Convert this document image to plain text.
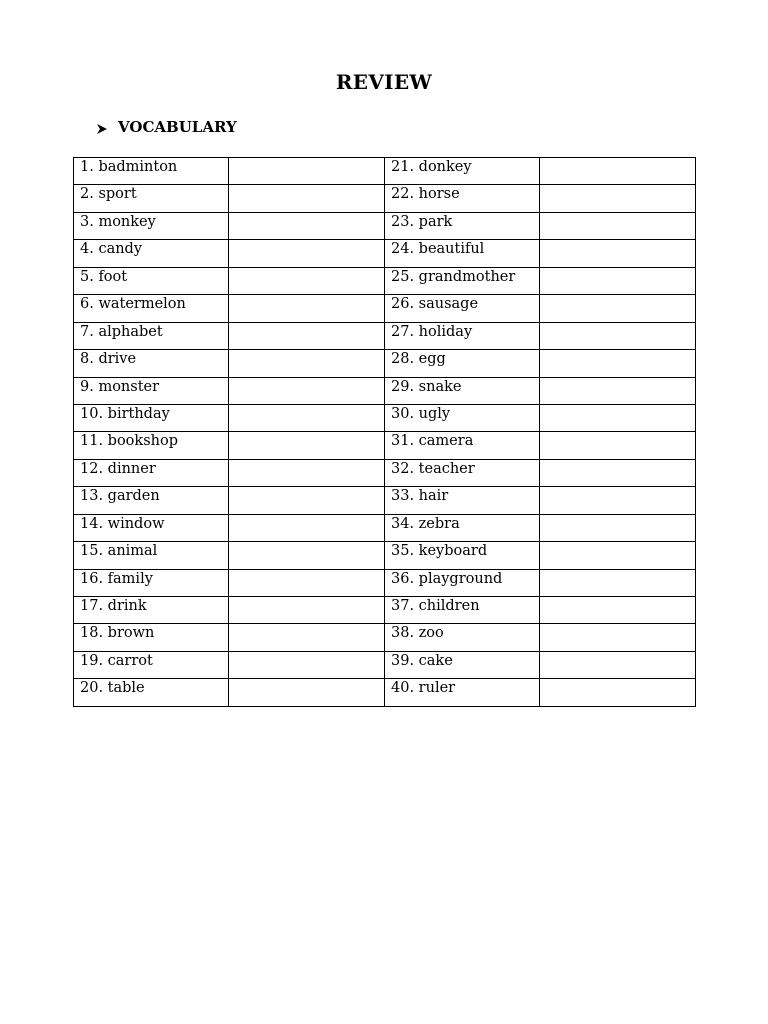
REVIEW
VOCABULARY
1. badminton		21. donkey	
2. sport		22. horse	
3. monkey		23. park	
4. candy		24. beautiful	
5. foot		25. grandmother	
6. watermelon		26. sausage	
7. alphabet		27. holiday	
8. drive		28. egg	
9. monster		29. snake	
10. birthday		30. ugly	
11. bookshop		31. camera	
12. dinner		32. teacher	
13. garden		33. hair	
14. window		34. zebra	
15. animal		35. keyboard	
16. family		36. playground	
17. drink		37. children	
18. brown		38. zoo	
19. carrot		39. cake	
20. table		40. ruler	
